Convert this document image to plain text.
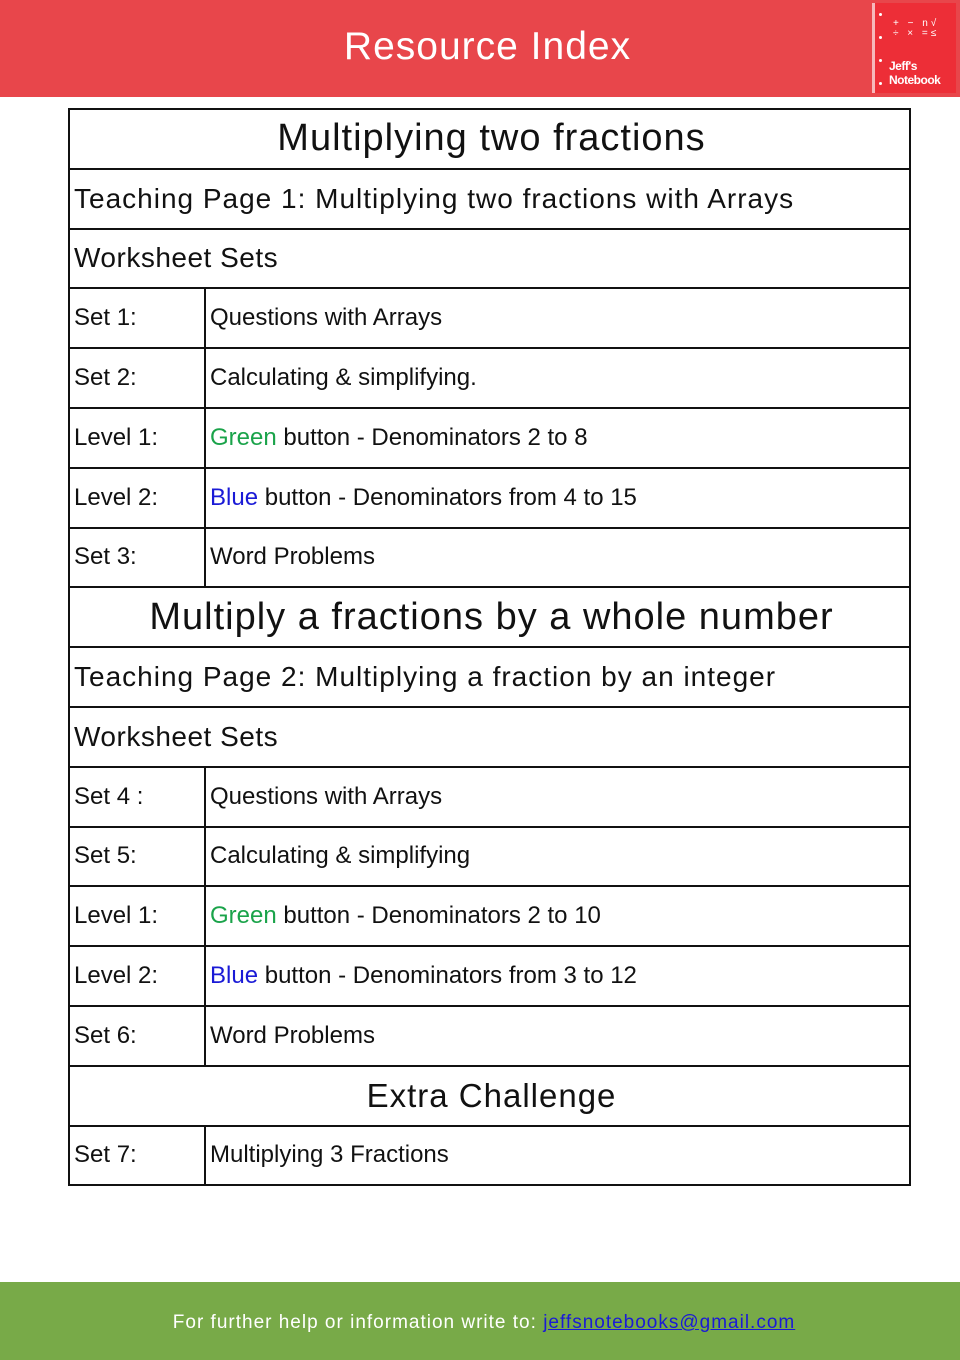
Resource Index
+ − n√
÷ × =≤
Jeff's
Notebook
Multiplying two fractions	
Teaching Page 1: Multiplying two fractions with Arrays	
Worksheet Sets	
Set 1:	Questions with Arrays
Set 2:	Calculating & simplifying.
Level 1:	Green button - Denominators 2 to 8
Level 2:	Blue button - Denominators from 4 to 15
Set 3:	Word Problems
Multiply a fractions by a whole number	
Teaching Page 2: Multiplying a fraction by an integer	
Worksheet Sets	
Set 4 :	Questions with Arrays
Set 5:	Calculating & simplifying
Level 1:	Green button - Denominators 2 to 10
Level 2:	Blue button - Denominators from 3 to 12
Set 6:	Word Problems
Extra Challenge	
Set 7:	Multiplying 3 Fractions
For further help or information write to: jeffsnotebooks@gmail.com
